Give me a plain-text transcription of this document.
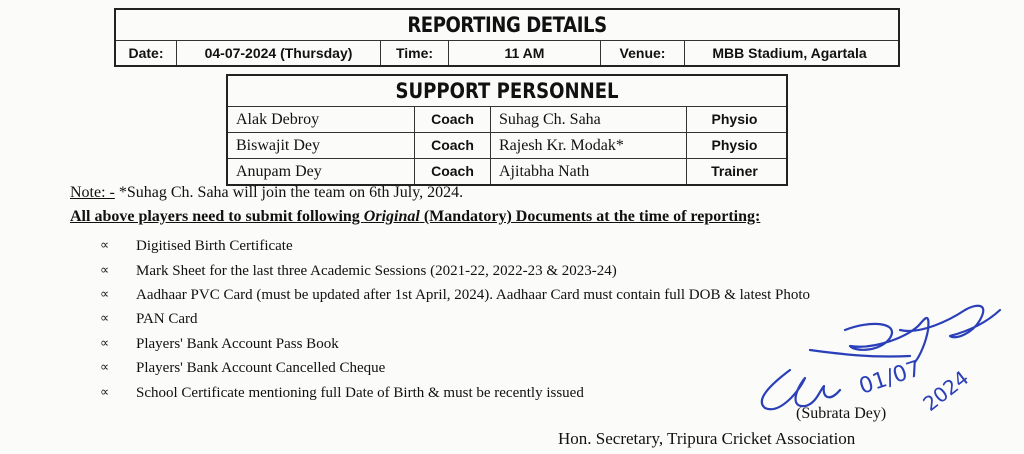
REPORTING DETAILS
Date:	04-07-2024 (Thursday)	Time:	11 AM	Venue:	MBB Stadium, Agartala
SUPPORT PERSONNEL
Alak Debroy	Coach	Suhag Ch. Saha	Physio
Biswajit Dey	Coach	Rajesh Kr. Modak*	Physio
Anupam Dey	Coach	Ajitabha Nath	Trainer
Note: - *Suhag Ch. Saha will join the team on 6th July, 2024.
All above players need to submit following Original (Mandatory) Documents at the time of reporting:
∝	Digitised Birth Certificate
∝	Mark Sheet for the last three Academic Sessions (2021-22, 2022-23 & 2023-24)
∝	Aadhaar PVC Card (must be updated after 1st April, 2024). Aadhaar Card must contain full DOB & latest Photo
∝	PAN Card
∝	Players' Bank Account Pass Book
∝	Players' Bank Account Cancelled Cheque
∝	School Certificate mentioning full Date of Birth & must be recently issued	01/07
2024
(Subrata Dey)
Hon. Secretary, Tripura Cricket Association
